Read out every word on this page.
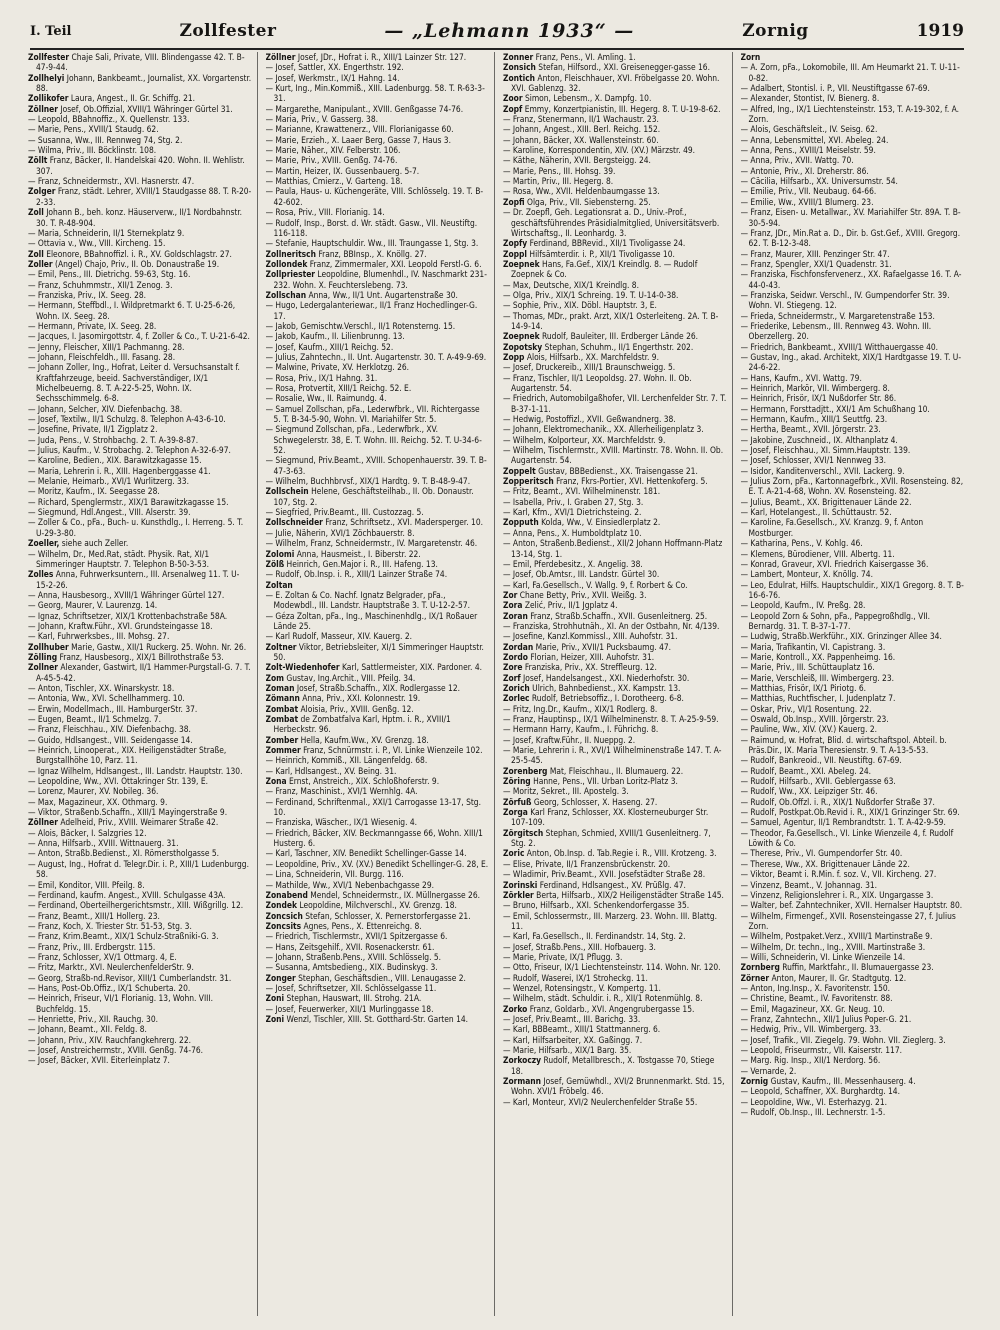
I. Teil	Zollfester	— „Lehmann 1933“ —	Zornig	1919

Zollfester Chaje Sali, Private, VIII. Blindengasse 42. T. B-47-9-44.

Zollhelyi Johann, Bankbeamt., Journalist, XX. Vorgartenstr. 88.

Zollikofer Laura, Angest., II. Gr. Schiffg. 21.

Zöllner Josef, Ob.Offizial, XVIII/1 Währinger Gürtel 31.

— Leopold, BBahnoffiz., X. Quellenstr. 133.

— Marie, Pens., XVIII/1 Staudg. 62.

— Susanna, Ww., III. Rennweg 74, Stg. 2.

— Wilma, Priv., III. Böcklinstr. 108.

Zöllt Franz, Bäcker, II. Handelskai 420. Wohn. II. Wehlistr. 307.

— Franz, Schneidermstr., XVI. Hasnerstr. 47.

Zolger Franz, städt. Lehrer, XVIII/1 Staudgasse 88. T. R-20-2-33.

Zoll Johann B., beh. konz. Häuserverw., II/1 Nordbahnstr. 30. T. R-48-904.

— Maria, Schneiderin, II/1 Sternekplatz 9.

— Ottavia v., Ww., VIII. Kircheng. 15.

Zoll Eleonore, BBahnoffizl. i. R., XV. Goldschlagstr. 27.

Zoller (Angel) Chajo, Priv., II. Ob. Donaustraße 19.

— Emil, Pens., III. Dietrichg. 59-63, Stg. 16.

— Franz, Schuhmmstr., XII/1 Zenog. 3.

— Franziska, Priv., IX. Seeg. 28.

— Hermann, Steffbdl., I. Wildpretmarkt 6. T. U-25-6-26, Wohn. IX. Seeg. 28.

— Hermann, Private, IX. Seeg. 28.

— Jacques, I. Jasomirgottstr. 4, f. Zoller & Co., T. U-21-6-42.

— Jenny, Fleischer, XIII/1 Pachmanng. 28.

— Johann, Fleischfeldh., III. Fasang. 28.

— Johann Zoller, Ing., Hofrat, Leiter d. Versuchsanstalt f. Kraftfahrzeuge, beeid. Sachverständiger, IX/1 Michelbeuerng. 8. T. A-22-5-25, Wohn. IX. Sechsschimmelg. 6-8.

— Johann, Selcher, XIV. Diefenbachg. 38.

— Josef, Textilw., II/1 Schulzg. 8. Telephon A-43-6-10.

— Josefine, Private, II/1 Zigplatz 2.

— Juda, Pens., V. Strohbachg. 2. T. A-39-8-87.

— Julius, Kaufm., V. Strobachg. 2. Telephon A-32-6-97.

— Karoline, Bedien., XIX. Barawitzkagasse 15.

— Maria, Lehrerin i. R., XIII. Hagenberggasse 41.

— Melanie, Heimarb., XVI/1 Wurlitzerg. 33.

— Moritz, Kaufm., IX. Seegasse 28.

— Richard, Spenglermstr., XIX/1 Barawitzkagasse 15.

— Siegmund, Hdl.Angest., VIII. Alserstr. 39.

— Zoller & Co., pFa., Buch- u. Kunsthdlg., I. Herreng. 5. T. U-29-3-80.

Zoeller, siehe auch Zeller.

— Wilhelm, Dr., Med.Rat, städt. Physik. Rat, XI/1 Simmeringer Hauptstr. 7. Telephon B-50-3-53.

Zolles Anna, Fuhrwerksuntern., III. Arsenalweg 11. T. U-15-2-26.

— Anna, Hausbesorg., XVIII/1 Währinger Gürtel 127.

— Georg, Maurer, V. Laurenzg. 14.

— Ignaz, Schriftsetzer, XIX/1 Krottenbachstraße 58A.

— Johann, Kraftw.Führ., XVI. Grundsteingasse 18.

— Karl, Fuhrwerksbes., III. Mohsg. 27.

Zollhuber Marie, Gastw., XII/1 Ruckerg. 25. Wohn. Nr. 26.

Zölling Franz, Hausbesorg., XIX/1 Billrothstraße 53.

Zollner Alexander, Gastwirt, II/1 Hammer-Purgstall-G. 7. T. A-45-5-42.

— Anton, Tischler, XX. Winarskystr. 18.

— Antonia, Ww., XVI. Schellhammerg. 10.

— Erwin, Modellmach., III. HamburgerStr. 37.

— Eugen, Beamt., II/1 Schmelzg. 7.

— Franz, Fleischhau., XIV. Diefenbachg. 38.

— Guido, Hdlsangest., VIII. Seidengasse 14.

— Heinrich, Linooperat., XIX. Heiligenstädter Straße, Burgstallhöhe 10, Parz. 11.

— Ignaz Wilhelm, Hdlsangest., III. Landstr. Hauptstr. 130.

— Leopoldine, Ww., XVI. Ottakringer Str. 139, E.

— Lorenz, Maurer, XV. Nobileg. 36.

— Max, Magazineur, XX. Othmarg. 9.

— Viktor, Straßenb.Schaffn., XIII/1 Mayingerstraße 9.

Zöllner Adelheid, Priv., XVIII. Weimarer Straße 42.

— Alois, Bäcker, I. Salzgries 12.

— Anna, Hilfsarb., XVIII. Wittnauerg. 31.

— Anton, Straßb.Bedienst., XI. Römerstholgasse 5.

— August, Ing., Hofrat d. Telegr.Dir. i. P., XIII/1 Ludenburgg. 58.

— Emil, Konditor, VIII. Pfeilg. 8.

— Ferdinand, kaufm. Angest., XVIII. Schulgasse 43A.

— Ferdinand, Oberteilhergerichtsmstr., XIII. Wißgrillg. 12.

— Franz, Beamt., XIII/1 Hollerg. 23.

— Franz, Koch, X. Triester Str. 51-53, Stg. 3.

— Franz, Krim.Beamt., XIX/1 Schulz-Straßniki-G. 3.

— Franz, Priv., III. Erdbergstr. 115.

— Franz, Schlosser, XV/1 Ottmarg. 4, E.

— Fritz, Marktr., XVI. NeulerchenfelderStr. 9.

— Georg, Straßb-nd.Revisor, XIII/1 Cumberlandstr. 31.

— Hans, Post-Ob.Offiz., IX/1 Schuberta. 20.

— Heinrich, Friseur, VI/1 Florianig. 13, Wohn. VIII. Buchfeldg. 15.

— Henriette, Priv., XII. Rauchg. 30.

— Johann, Beamt., XII. Feldg. 8.

— Johann, Priv., XIV. Rauchfangkehrerg. 22.

— Josef, Anstreichermstr., XVIII. Genßg. 74-76.

— Josef, Bäcker, XVII. Eiterleinplatz 7.

Zöllner Josef, JDr., Hofrat i. R., XIII/1 Lainzer Str. 127.

— Josef, Sattler, XX. Engerthstr. 192.

— Josef, Werkmstr., IX/1 Hahng. 14.

— Kurt, Ing., Min.Kommiß., XIII. Ladenburgg. 58. T. R-63-3-31.

— Margarethe, Manipulant., XVIII. Genßgasse 74-76.

— Maria, Priv., V. Gasserg. 38.

— Marianne, Krawattenerz., VIII. Florianigasse 60.

— Marie, Erzieh., X. Laaer Berg, Gasse 7, Haus 3.

— Marie, Näher., XIV. Felberstr. 106.

— Marie, Priv., XVIII. Genßg. 74-76.

— Martin, Heizer, IX. Gussenbauerg. 5-7.

— Matthias, Cmierz., V. Garteng. 18.

— Paula, Haus- u. Küchengeräte, VIII. Schlösselg. 19. T. B-42-602.

— Rosa, Priv., VIII. Florianig. 14.

— Rudolf, Insp., Borst. d. Wr. städt. Gasw., VII. Neustiftg. 116-118.

— Stefanie, Hauptschuldir. Ww., III. Traungasse 1, Stg. 3.

Zollneritsch Franz, BBInsp., X. Knöllg. 27.

Zollondek Franz, Zimmermaler, XXI. Leopold Ferstl-G. 6.

Zollpriester Leopoldine, Blumenhdl., IV. Naschmarkt 231-232. Wohn. X. Feuchterslebeng. 73.

Zollschan Anna, Ww., II/1 Unt. Augartenstraße 30.

— Hugo, Ledergalanteriewar., II/1 Franz Hochedlinger-G. 17.

— Jakob, Gemischtw.Verschl., II/1 Rotensterng. 15.

— Jakob, Kaufm., II. Lilienbrunng. 13.

— Josef, Kaufm., XIII/1 Reichg. 52.

— Julius, Zahntechn., II. Unt. Augartenstr. 30. T. A-49-9-69.

— Malwine, Private, XV. Herklotzg. 26.

— Rosa, Priv., IX/1 Hahng. 31.

— Rosa, Protvertit, XIII/1 Reichg. 52. E.

— Rosalie, Ww., II. Raimundg. 4.

— Samuel Zollschan, pFa., Lederwfbrk., VII. Richtergasse 5. T. B-34-5-90, Wohn. VI. Mariahilfer Str. 5.

— Siegmund Zollschan, pFa., Lederwfbrk., XV. Schwegelerstr. 38, E. T. Wohn. III. Reichg. 52. T. U-34-6-52.

— Siegmund, Priv.Beamt., XVIII. Schopenhauerstr. 39. T. B-47-3-63.

— Wilhelm, Buchhbrvsf., XIX/1 Hardtg. 9. T. B-48-9-47.

Zollschein Helene, Geschäftsteilhab., II. Ob. Donaustr. 107, Stg. 2.

— Siegfried, Priv.Beamt., III. Custozzag. 5.

Zollschneider Franz, Schriftsetz., XVI. Madersperger. 10.

— Julie, Näherin, XVI/1 Zöchbauerstr. 8.

— Wilhelm, Franz, Schneidermstr., IV. Margaretenstr. 46.

Zolomi Anna, Hausmeist., I. Biberstr. 22.

Zölß Heinrich, Gen.Major i. R., III. Hafeng. 13.

— Rudolf, Ob.Insp. i. R., XIII/1 Lainzer Straße 74.

Zoltan

— E. Zoltan & Co. Nachf. Ignatz Belgrader, pFa., Modewbdl., III. Landstr. Hauptstraße 3. T. U-12-2-57.

— Géza Zoltan, pFa., Ing., Maschinenhdlg., IX/1 Roßauer Lände 25.

— Karl Rudolf, Masseur, XIV. Kauerg. 2.

Zoltner Viktor, Betriebsleiter, XI/1 Simmeringer Hauptstr. 50.

Zolt-Wiedenhofer Karl, Sattlermeister, XIX. Pardoner. 4.

Zom Gustav, Ing.Archit., VIII. Pfeilg. 34.

Zoman Josef, Straßb.Schaffn., XIX. Rodlergasse 12.

Zömann Anna, Priv., XXI. Kolonnestr. 19.

Zombat Aloisia, Priv., XVIII. Genßg. 12.

Zombat de Zombatfalva Karl, Hptm. i. R., XVIII/1 Herbeckstr. 96.

Zomber Hella, Kaufm.Ww., XV. Grenzg. 18.

Zommer Franz, Schnürmstr. i. P., VI. Linke Wienzeile 102.

— Heinrich, Kommiß., XII. Längenfeldg. 68.

— Karl, Hdlsangest., XV. Being. 31.

Zona Ernst, Anstreich., XIX. Schloßhoferstr. 9.

— Franz, Maschinist., XVI/1 Wernhlg. 4A.

— Ferdinand, Schriftenmal., XXI/1 Carrogasse 13-17, Stg. 10.

— Franziska, Wäscher., IX/1 Wiesenig. 4.

— Friedrich, Bäcker, XIV. Beckmanngasse 66, Wohn. XIII/1 Husterg. 6.

— Karl, Taschner, XIV. Benedikt Schellinger-Gasse 14.

— Leopoldine, Priv., XV. (XV.) Benedikt Schellinger-G. 28, E.

— Lina, Schneiderin, VII. Burgg. 116.

— Mathilde, Ww., XVI/1 Nebenbachgasse 29.

Zonabend Mendel, Schneidermstr., IX. Müllnergasse 26.

Zondek Leopoldine, Milchverschl., XV. Grenzg. 18.

Zoncsich Stefan, Schlosser, X. Pernerstorfergasse 21.

Zoncsits Agnes, Pens., X. Ettenreichg. 8.

— Friedrich, Tischlermstr., XVII/1 Spitzergasse 6.

— Hans, Zeitsgehilf., XVII. Rosenackerstr. 61.

— Johann, Straßenb.Pens., XVIII. Schlösselg. 5.

— Susanna, Amtsbedieng., XIX. Budinskyg. 3.

Zonger Stephan, Geschäftsdien., VIII. Lenaugasse 2.

— Josef, Schriftsetzer, XII. Schlösselgasse 11.

Zoni Stephan, Hauswart, III. Strohg. 21A.

— Josef, Feuerwerker, XII/1 Murlinggasse 18.

Zoni Wenzl, Tischler, XIII. St. Gotthard-Str. Garten 14.

Zonner Franz, Pens., VI. Amling. 1.

Zonsich Stefan, Hilfsord., XXI. Greisenegger-gasse 16.

Zontich Anton, Fleischhauer, XVI. Fröbelgasse 20. Wohn. XVI. Gablenzg. 32.

Zoor Simon, Lebensm., X. Dampfg. 10.

Zopf Emmy, Konzertpianistin, III. Hegerg. 8. T. U-19-8-62.

— Franz, Stenermann, II/1 Wachaustr. 23.

— Johann, Angest., XIII. Berl. Reichg. 152.

— Johann, Bäcker, XX. Wallensteinstr. 60.

— Karoline, Korrespondentin, XIV. (XV.) Märzstr. 49.

— Käthe, Näherin, XVII. Bergsteigg. 24.

— Marie, Pens., III. Hohsg. 39.

— Martin, Priv., III. Hegerg. 8.

— Rosa, Ww., XVII. Heldenbaumgasse 13.

Zopfi Olga, Priv., VII. Siebensterng. 25.

— Dr. Zoepfl, Geh. Legationsrat a. D., Univ.-Prof., geschäftsführendes Präsidialmitglied, Universitätsverb. Wirtschaftsg., II. Leonhardg. 3.

Zopfy Ferdinand, BBRevid., XII/1 Tivoligasse 24.

Zoppl Hilfsämterdir. i. P., XII/1 Tivoligasse 10.

Zoepnek Hans, Fa.Gef., XIX/1 Kreindlg. 8. — Rudolf Zoepnek & Co.

— Max, Deutsche, XIX/1 Kreindlg. 8.

— Olga, Priv., XIX/1 Schreing. 19. T. U-14-0-38.

— Sophie, Priv., XIX. Döbl. Hauptstr. 3, E.

— Thomas, MDr., prakt. Arzt, XIX/1 Osterleiteng. 2A. T. B-14-9-14.

Zoepnek Rudolf, Bauleiter, III. Erdberger Lände 26.

Zopotsky Stephan, Schuhm., II/1 Engerthstr. 202.

Zopp Alois, Hilfsarb., XX. Marchfeldstr. 9.

— Josef, Druckereib., XIII/1 Braunschweigg. 5.

— Franz, Tischler, II/1 Leopoldsg. 27. Wohn. II. Ob. Augartenstr. 54.

— Friedrich, Automobilgaßhofer, VII. Lerchenfelder Str. 7. T. B-37-1-11.

— Hedwig, Postoffizl., XVII. Geßwandnerg. 38.

— Johann, Elektromechanik., XX. Allerheiligenplatz 3.

— Wilhelm, Kolporteur, XX. Marchfeldstr. 9.

— Wilhelm, Tischlermstr., XVIII. Martinstr. 78. Wohn. II. Ob. Augartenstr. 54.

Zoppelt Gustav, BBBedienst., XX. Traisengasse 21.

Zopperitsch Franz, Fkrs-Portier, XVI. Hettenkoferg. 5.

— Fritz, Beamt., XVI. Wilhelminenstr. 181.

— Isabella, Priv., I. Graben 27, Stg. 3.

— Karl, Kfm., XVI/1 Dietrichsteing. 2.

Zopputh Kolda, Ww., V. Einsiedlerplatz 2.

— Anna, Pens., X. Humboldtplatz 10.

— Anton, Straßenb.Bedienst., XII/2 Johann Hoffmann-Platz 13-14, Stg. 1.

— Emil, Pferdebesitz., X. Angelig. 38.

— Josef, Ob.Amtsr., III. Landstr. Gürtel 30.

— Karl, Fa.Gesellsch., V. Wallg. 9, f. Rorbert & Co.

Zor Chane Betty, Priv., XVII. Weißg. 3.

Zora Zelić, Priv., II/1 Jgplatz 4.

Zoran Franz, Straßb.Schaffn., XVII. Gusenleitnerg. 25.

— Franziska, Strohhutnäh., XI. An der Ostbahn, Nr. 4/139.

— Josefine, Kanzl.Kommissl., XIII. Auhofstr. 31.

Zordan Marie, Priv., XVII/1 Pucksbaumg. 47.

Zordo Florian, Heizer, XIII. Auhofstr. 31.

Zore Franziska, Priv., XX. Streffleurg. 12.

Zorf Josef, Handelsangest., XXI. Niederhofstr. 30.

Zorich Ulrich, Bahnbedienst., XX. Kampstr. 13.

Zorlec Rudolf, Betriebsoffiz., I. Dorotheerg. 6-8.

— Fritz, Ing.Dr., Kaufm., XIX/1 Rodlerg. 8.

— Franz, Hauptinsp., IX/1 Wilhelminenstr. 8. T. A-25-9-59.

— Hermann Harry, Kaufm., I. Führichg. 8.

— Josef, Kraftw.Führ., II. Nueppg. 2.

— Marie, Lehrerin i. R., XVI/1 Wilhelminenstraße 147. T. A-25-5-45.

Zorenberg Mat, Fleischhau., II. Blumauerg. 22.

Zöring Hanne, Pens., VII. Urban Loritz-Platz 3.

— Moritz, Sekret., III. Apostelg. 3.

Zörfuß Georg, Schlosser, X. Haseng. 27.

Zorga Karl Franz, Schlosser, XX. Klosterneuburger Str. 107-109.

Zörgitsch Stephan, Schmied, XVIII/1 Gusenleitnerg. 7, Stg. 2.

Zoric Anton, Ob.Insp. d. Tab.Regie i. R., VIII. Krotzeng. 3.

— Elise, Private, II/1 Franzensbrückenstr. 20.

— Wladimir, Priv.Beamt., XVII. Josefstädter Straße 28.

Zorinski Ferdinand, Hdlsangest., XV. Prüßlg. 47.

Zörkler Berta, Hilfsarb., XIX/2 Heiligenstädter Straße 145.

— Bruno, Hilfsarb., XXI. Schenkendorfergasse 35.

— Emil, Schlossermstr., III. Marzerg. 23. Wohn. III. Blattg. 11.

— Karl, Fa.Gesellsch., II. Ferdinandstr. 14, Stg. 2.

— Josef, Straßb.Pens., XIII. Hofbauerg. 3.

— Marie, Private, IX/1 Pflugg. 3.

— Otto, Friseur, IX/1 Liechtensteinstr. 114. Wohn. Nr. 120.

— Rudolf, Waserei, IX/1 Stroheckg. 11.

— Wenzel, Rotensingstr., V. Kompertg. 11.

— Wilhelm, städt. Schuldir. i. R., XII/1 Rotenmühlg. 8.

Zorko Franz, Goldarb., XVI. Angengrubergasse 15.

— Josef, Priv.Beamt., III. Barichg. 33.

— Karl, BBBeamt., XIII/1 Stattmannerg. 6.

— Karl, Hilfsarbeiter, XX. Gaßingg. 7.

— Marie, Hilfsarb., XIX/1 Barg. 35.

Zorkoczy Rudolf, Metallbresch., X. Tostgasse 70, Stiege 18.

Zormann Josef, Gemüwhdl., XVI/2 Brunnenmarkt. Std. 15, Wohn. XVI/1 Fröbelg. 46.

— Karl, Monteur, XVI/2 Neulerchenfelder Straße 55.

Zorn

— A. Zorn, pFa., Lokomobile, III. Am Heumarkt 21. T. U-11-0-82.

— Adalbert, Stontisl. i. P., VII. Neustiftgasse 67-69.

— Alexander, Stontist, IV. Bienerg. 8.

— Alfred, Ing., IX/1 Liechtensteinstr. 153, T. A-19-302, f. A. Zorn.

— Alois, Geschäftsleit., IV. Seisg. 62.

— Anna, Lebensmittel, XVI. Abeleg. 24.

— Anna, Pens., XVIII/1 Meiselstr. 59.

— Anna, Priv., XVII. Wattg. 70.

— Antonie, Priv., XI. Dreherstr. 86.

— Cäcilia, Hilfsarb., XX. Universumstr. 54.

— Emilie, Priv., VII. Neubaug. 64-66.

— Emilie, Ww., XVIII/1 Blumerg. 23.

— Franz, Eisen- u. Metallwar., XV. Mariahilfer Str. 89A. T. B-30-5-94.

— Franz, JDr., Min.Rat a. D., Dir. b. Gst.Gef., XVIII. Gregorg. 62. T. B-12-3-48.

— Franz, Maurer, XIII. Penzinger Str. 47.

— Franz, Spengler, XXI/1 Quadenstr. 31.

— Franziska, Fischfonsfervenerz., XX. Rafaelgasse 16. T. A-44-0-43.

— Franziska, Seidwr. Verschl., IV. Gumpendorfer Str. 39. Wohn. VI. Stiegeng. 12.

— Frieda, Schneidermstr., V. Margaretenstraße 153.

— Friederike, Lebensm., III. Rennweg 43. Wohn. III. Oberzellerg. 20.

— Friedrich, Bankbeamt., XVIII/1 Witthauergasse 40.

— Gustav, Ing., akad. Architekt, XIX/1 Hardtgasse 19. T. U-24-6-22.

— Hans, Kaufm., XVI. Wattg. 79.

— Heinrich, Markör, VII. Wimbergerg. 8.

— Heinrich, Frisör, IX/1 Nußdorfer Str. 86.

— Hermann, Forsttadjtt., XXI/1 Am Schußhang 10.

— Hermann, Kaufm., XIII/1 Seuttfg. 23.

— Hertha, Beamt., XVII. Jörgerstr. 23.

— Jakobine, Zuschneid., IX. Althanplatz 4.

— Josef, Fleischhau., XI. Simm.Hauptstr. 139.

— Josef, Schlosser, XVI/1 Nennweg 33.

— Isidor, Kanditenverschl., XVII. Lackerg. 9.

— Julius Zorn, pFa., Kartonnagefbrk., XVII. Rosensteing. 82, E. T. A-21-4-68, Wohn. XV. Rosensteing. 82.

— Julius, Beamt., XX. Brigittenauer Lände 22.

— Karl, Hotelangest., II. Schüttaustr. 52.

— Karoline, Fa.Gesellsch., XV. Kranzg. 9, f. Anton Mostburger.

— Katharina, Pens., V. Kohlg. 46.

— Klemens, Bürodiener, VIII. Albertg. 11.

— Konrad, Graveur, XVI. Friedrich Kaisergasse 36.

— Lambert, Monteur, X. Knöllg. 74.

— Leo, Edulrat, Hilfs. Hauptschuldir., XIX/1 Gregorg. 8. T. B-16-6-76.

— Leopold, Kaufm., IV. Preßg. 28.

— Leopold Zorn & Sohn, pFa., Pappegroßhdlg., VII. Bernardg. 31. T. B-37-1-77.

— Ludwig, Straßb.Werkführ., XIX. Grinzinger Allee 34.

— Maria, Trafikantin, VI. Capistrang. 3.

— Marie, Kontroll., XX. Pappenheimg. 16.

— Marie, Priv., III. Schüttauplatz 16.

— Marie, Verschleiß, III. Wimbergerg. 23.

— Matthias, Frisör, IX/1 Piriotg. 6.

— Matthias, Ruchtfischer, I. Judenplatz 7.

— Oskar, Priv., VI/1 Rosentung. 22.

— Oswald, Ob.Insp., XVIII. Jörgerstr. 23.

— Pauline, Ww., XIV. (XV.) Kauerg. 2.

— Raimund, w. Hofrat, Blid. d. wirtschaftspol. Abteil. b. Präs.Dir., IX. Maria Theresienstr. 9. T. A-13-5-53.

— Rudolf, Bankreoid., VII. Neustiftg. 67-69.

— Rudolf, Beamt., XXI. Abeleg. 24.

— Rudolf, Hilfsarb., XVII. Geblergasse 63.

— Rudolf, Ww., XX. Leipziger Str. 46.

— Rudolf, Ob.Offzl. i. R., XIX/1 Nußdorfer Straße 37.

— Rudolf, Postkpat.Ob.Revid i. R., XIX/1 Grinzinger Str. 69.

— Samuel, Agentur, II/1 Rembrandtstr. 1. T. A-42-9-59.

— Theodor, Fa.Gesellsch., VI. Linke Wienzeile 4, f. Rudolf Löwith & Co.

— Therese, Priv., VI. Gumpendorfer Str. 40.

— Therese, Ww., XX. Brigittenauer Lände 22.

— Viktor, Beamt i. R.Min. f. soz. V., VII. Kircheng. 27.

— Vinzenz, Beamt., V. Johannag. 31.

— Vinzenz, Religionslehrer i. R., XIX. Ungargasse 3.

— Walter, bef. Zahntechniker, XVII. Hernalser Hauptstr. 80.

— Wilhelm, Firmengef., XVII. Rosensteingasse 27, f. Julius Zorn.

— Wilhelm, Postpaket.Verz., XVIII/1 Martinstraße 9.

— Wilhelm, Dr. techn., Ing., XVIII. Martinstraße 3.

— Willi, Schneiderin, VI. Linke Wienzeile 14.

Zornberg Ruffin, Marktfahr., II. Blumauergasse 23.

Zörner Anton, Maurer, II. Gr. Stadtgutg. 12.

— Anton, Ing.Insp., X. Favoritenstr. 150.

— Christine, Beamt., IV. Favoritenstr. 88.

— Emil, Magazineur, XX. Gr. Neug. 10.

— Franz, Zahntechn., XII/1 Julius Poper-G. 21.

— Hedwig, Priv., VII. Wimbergerg. 33.

— Josef, Trafik., VII. Ziegelg. 79. Wohn. VII. Zieglerg. 3.

— Leopold, Friseurmstr., VII. Kaiserstr. 117.

— Marg. Rig. Insp., XII/1 Nerdorg. 56.

— Vernarde, 2.

Zornig Gustav, Kaufm., III. Messenhauserg. 4.

— Leopold, Schaffner, XX. Burghardtg. 14.

— Leopoldine, Ww., VI. Esterhazyg. 21.

— Rudolf, Ob.Insp., III. Lechnerstr. 1-5.
